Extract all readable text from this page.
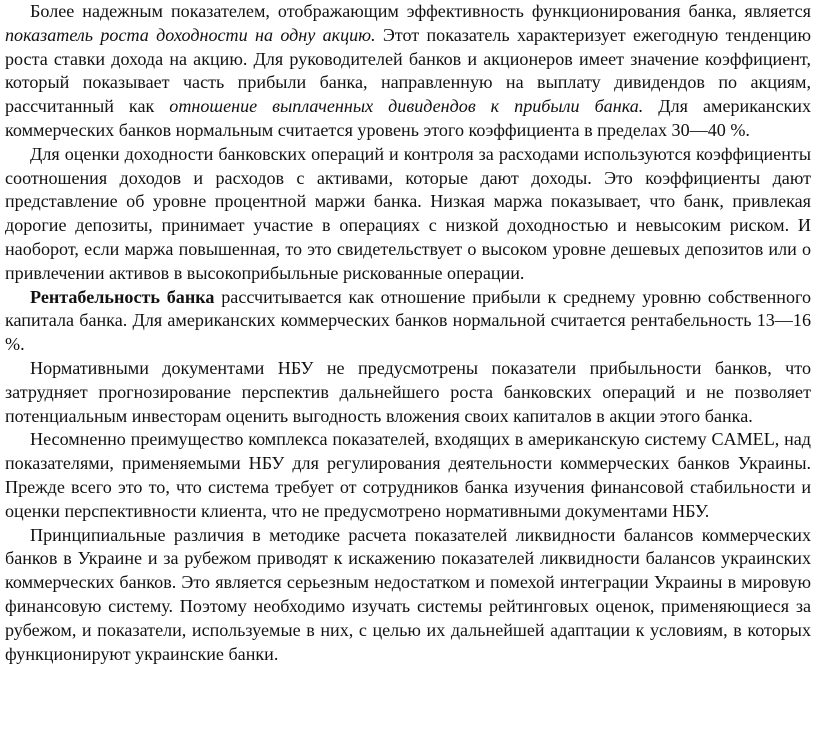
Более надежным показателем, отображающим эффективность функционирования банка, является показатель роста доходности на одну акцию. Этот показатель характеризует ежегодную тенденцию роста ставки дохода на акцию. Для руководителей банков и акционеров имеет значение коэффициент, который показывает часть прибыли банка, направленную на выплату дивидендов по акциям, рассчитанный как отношение выплаченных дивидендов к прибыли банка. Для американских коммерческих банков нормальным считается уровень этого коэффициента в пределах 30—40 %.

Для оценки доходности банковских операций и контроля за расходами используются коэффициенты соотношения доходов и расходов с активами, которые дают доходы. Это коэффициенты дают представление об уровне процентной маржи банка. Низкая маржа показывает, что банк, привлекая дорогие депозиты, принимает участие в операциях с низкой доходностью и невысоким риском. И наоборот, если маржа повышенная, то это свидетельствует о высоком уровне дешевых депозитов или о привлечении активов в высокоприбыльные рискованные операции.

Рентабельность банка рассчитывается как отношение прибыли к среднему уровню собственного капитала банка. Для американских коммерческих банков нормальной считается рентабельность 13—16 %.

Нормативными документами НБУ не предусмотрены показатели прибыльности банков, что затрудняет прогнозирование перспектив дальнейшего роста банковских операций и не позволяет потенциальным инвесторам оценить выгодность вложения своих капиталов в акции этого банка.

Несомненно преимущество комплекса показателей, входящих в американскую систему CAMEL, над показателями, применяемыми НБУ для регулирования деятельности коммерческих банков Украины. Прежде всего это то, что система требует от сотрудников банка изучения финансовой стабильности и оценки перспективности клиента, что не предусмотрено нормативными документами НБУ.

Принципиальные различия в методике расчета показателей ликвидности балансов коммерческих банков в Украине и за рубежом приводят к искажению показателей ликвидности балансов украинских коммерческих банков. Это является серьезным недостатком и помехой интеграции Украины в мировую финансовую систему. Поэтому необходимо изучать системы рейтинговых оценок, применяющиеся за рубежом, и показатели, используемые в них, с целью их дальнейшей адаптации к условиям, в которых функционируют украинские банки.
